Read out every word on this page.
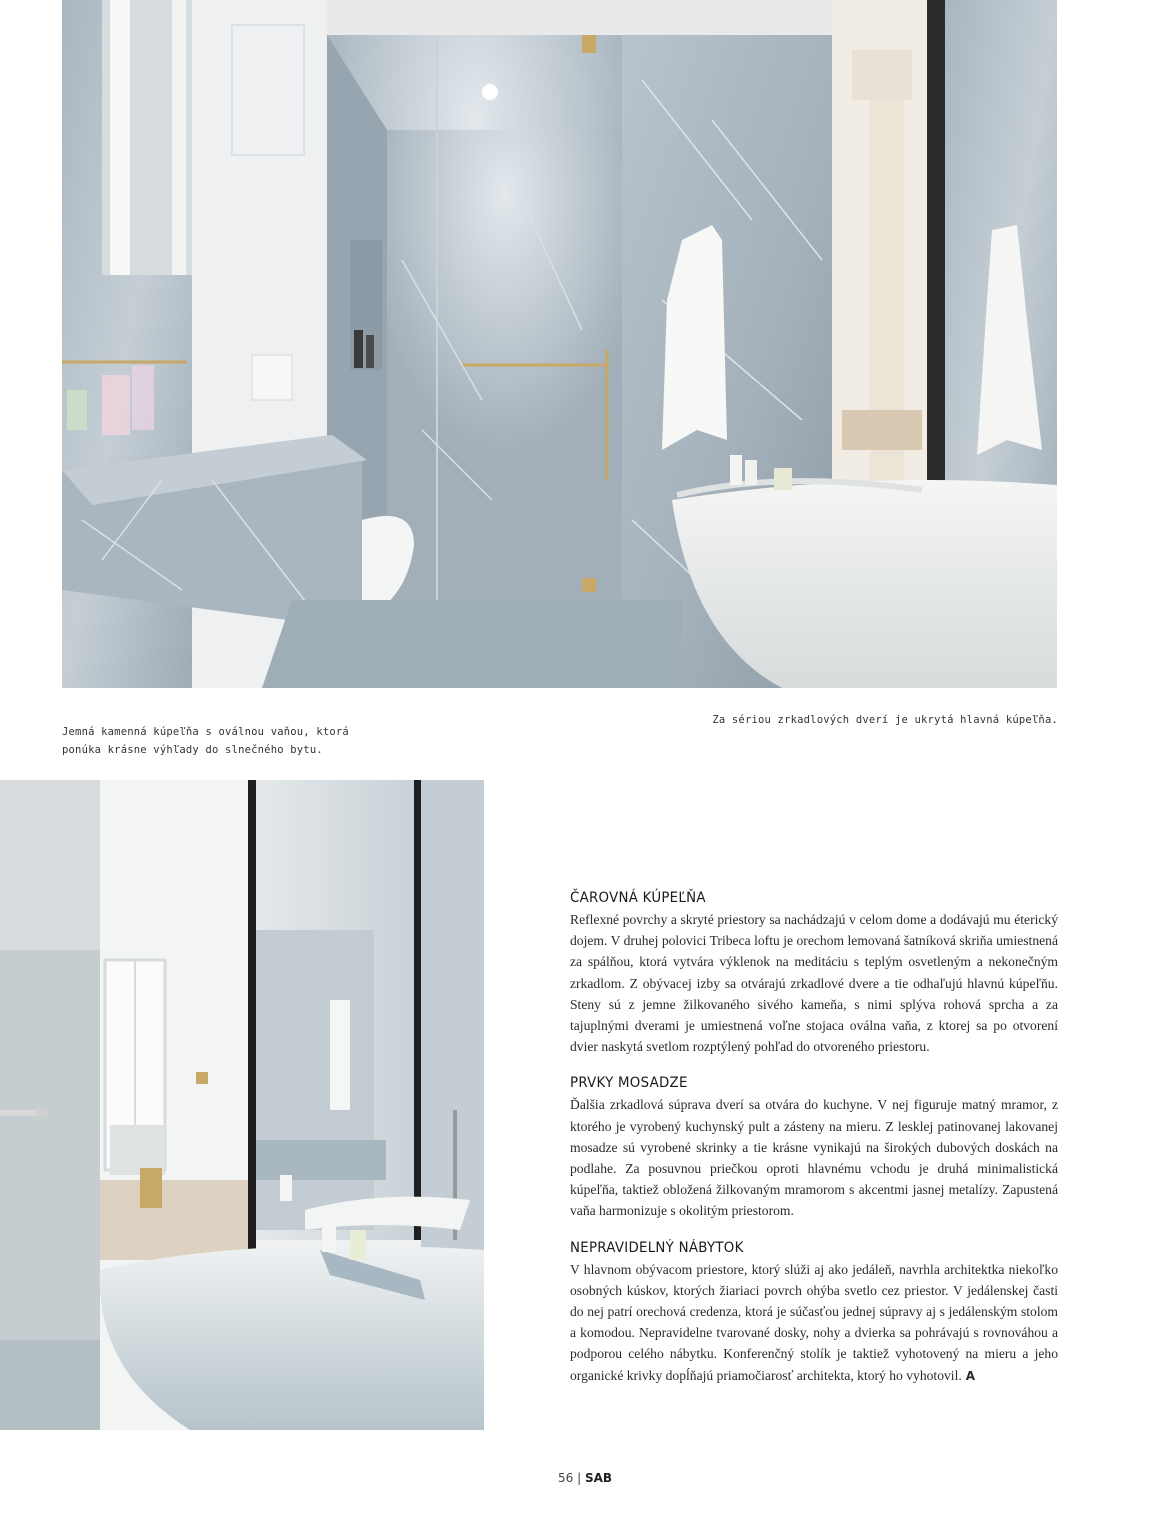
Jemná kamenná kúpeľňa s oválnou vaňou, ktorá ponúka krásne výhľady do slnečného bytu.
Za sériou zrkadlových dverí je ukrytá hlavná kúpeľňa.
ČAROVNÁ KÚPEĽŇA

Reflexné povrchy a skryté priestory sa nachádzajú v celom dome a dodávajú mu éterický dojem. V druhej polovici Tribeca loftu je orechom lemovaná šatníková skriňa umiestnená za spálňou, ktorá vytvára výklenok na meditáciu s teplým osvetleným a nekonečným zrkadlom. Z obývacej izby sa otvárajú zrkadlové dvere a tie odhaľujú hlavnú kúpeľňu. Steny sú z jemne žilkovaného sivého kameňa, s nimi splýva rohová sprcha a za tajuplnými dverami je umiestnená voľne stojaca oválna vaňa, z ktorej sa po otvorení dvier naskytá svetlom rozptýlený pohľad do otvoreného priestoru.

PRVKY MOSADZE

Ďalšia zrkadlová súprava dverí sa otvára do kuchyne. V nej figuruje matný mramor, z ktorého je vyrobený kuchynský pult a zásteny na mieru. Z lesklej patinovanej lakovanej mosadze sú vyrobené skrinky a tie krásne vynikajú na širokých dubových doskách na podlahe. Za posuvnou priečkou oproti hlavnému vchodu je druhá minimalistická kúpeľňa, taktiež obložená žilkovaným mramorom s akcentmi jasnej metalízy. Zapustená vaňa harmonizuje s okolitým priestorom.

NEPRAVIDELNÝ NÁBYTOK

V hlavnom obývacom priestore, ktorý slúži aj ako jedáleň, navrhla architektka niekoľko osobných kúskov, ktorých žiariaci povrch ohýba svetlo cez priestor. V jedálenskej časti do nej patrí orechová credenza, ktorá je súčasťou jednej súpravy aj s jedálenským stolom a komodou. Nepravidelne tvarované dosky, nohy a dvierka sa pohrávajú s rovnováhou a podporou celého nábytku. Konferenčný stolík je taktiež vyhotovený na mieru a jeho organické krivky dopĺňajú priamočiarosť architekta, ktorý ho vyhotovil. A

56 | SAB
